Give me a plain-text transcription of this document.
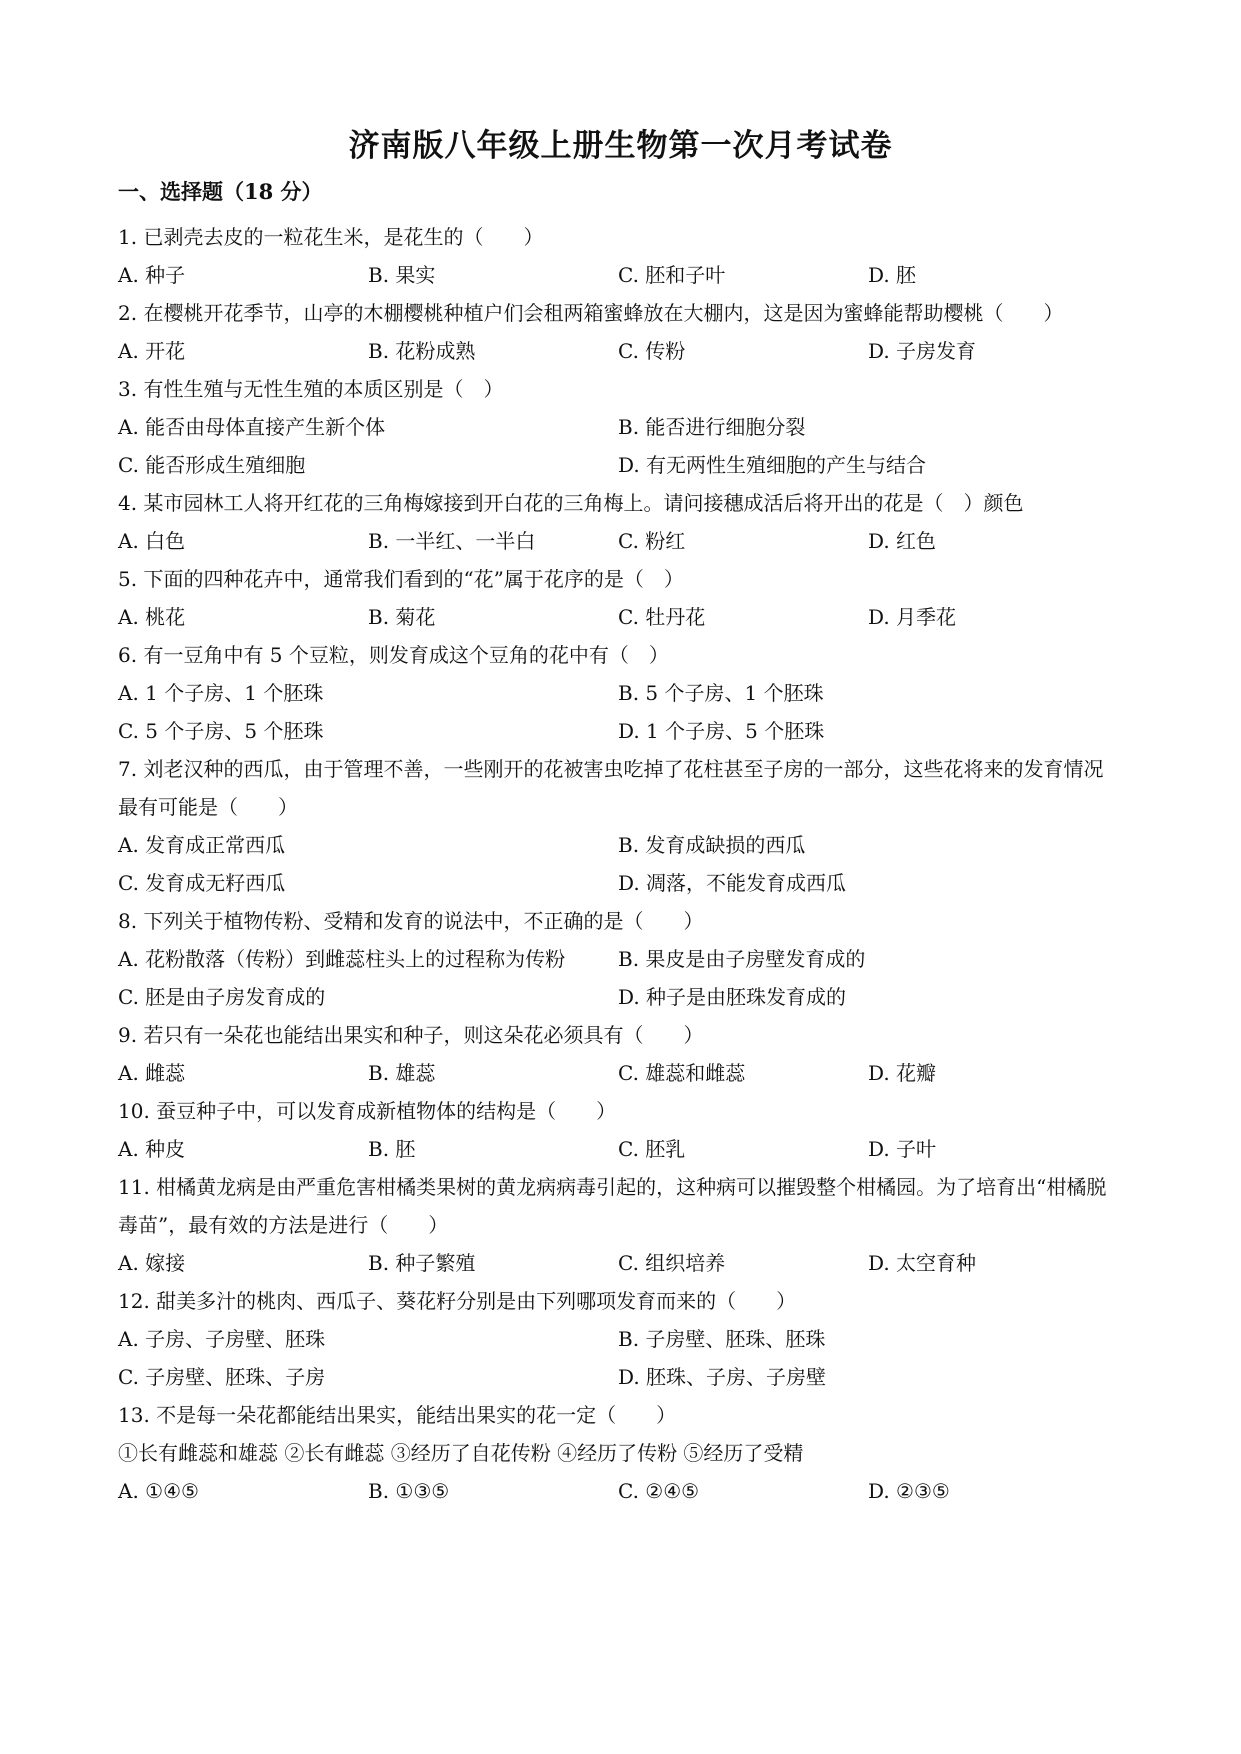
济南版八年级上册生物第一次月考试卷
一、选择题（18 分）
1. 已剥壳去皮的一粒花生米，是花生的（　　）
A. 种子	B. 果实	C. 胚和子叶	D. 胚
2. 在樱桃开花季节，山亭的木棚樱桃种植户们会租两箱蜜蜂放在大棚内，这是因为蜜蜂能帮助樱桃（　　）
A. 开花	B. 花粉成熟	C. 传粉	D. 子房发育
3. 有性生殖与无性生殖的本质区别是（　）
A. 能否由母体直接产生新个体	B. 能否进行细胞分裂
C. 能否形成生殖细胞	D. 有无两性生殖细胞的产生与结合
4. 某市园林工人将开红花的三角梅嫁接到开白花的三角梅上。请问接穗成活后将开出的花是（　）颜色
A. 白色	B. 一半红、一半白	C. 粉红	D. 红色
5. 下面的四种花卉中，通常我们看到的“花”属于花序的是（　）
A. 桃花	B. 菊花	C. 牡丹花	D. 月季花
6. 有一豆角中有 5 个豆粒，则发育成这个豆角的花中有（　）
A. 1 个子房、1 个胚珠	B. 5 个子房、1 个胚珠
C. 5 个子房、5 个胚珠	D. 1 个子房、5 个胚珠
7. 刘老汉种的西瓜，由于管理不善，一些刚开的花被害虫吃掉了花柱甚至子房的一部分，这些花将来的发育情况最有可能是（　　）
A. 发育成正常西瓜	B. 发育成缺损的西瓜
C. 发育成无籽西瓜	D. 凋落，不能发育成西瓜
8. 下列关于植物传粉、受精和发育的说法中，不正确的是（　　）
A. 花粉散落（传粉）到雌蕊柱头上的过程称为传粉	B. 果皮是由子房壁发育成的
C. 胚是由子房发育成的	D. 种子是由胚珠发育成的
9. 若只有一朵花也能结出果实和种子，则这朵花必须具有（　　）
A. 雌蕊	B. 雄蕊	C. 雄蕊和雌蕊	D. 花瓣
10. 蚕豆种子中，可以发育成新植物体的结构是（　　）
A. 种皮	B. 胚	C. 胚乳	D. 子叶
11. 柑橘黄龙病是由严重危害柑橘类果树的黄龙病病毒引起的，这种病可以摧毁整个柑橘园。为了培育出“柑橘脱毒苗”，最有效的方法是进行（　　）
A. 嫁接	B. 种子繁殖	C. 组织培养	D. 太空育种
12. 甜美多汁的桃肉、西瓜子、葵花籽分别是由下列哪项发育而来的（　　）
A. 子房、子房壁、胚珠	B. 子房壁、胚珠、胚珠
C. 子房壁、胚珠、子房	D. 胚珠、子房、子房壁
13. 不是每一朵花都能结出果实，能结出果实的花一定（　　）
①长有雌蕊和雄蕊 ②长有雌蕊 ③经历了自花传粉 ④经历了传粉 ⑤经历了受精
A. ①④⑤	B. ①③⑤	C. ②④⑤	D. ②③⑤
